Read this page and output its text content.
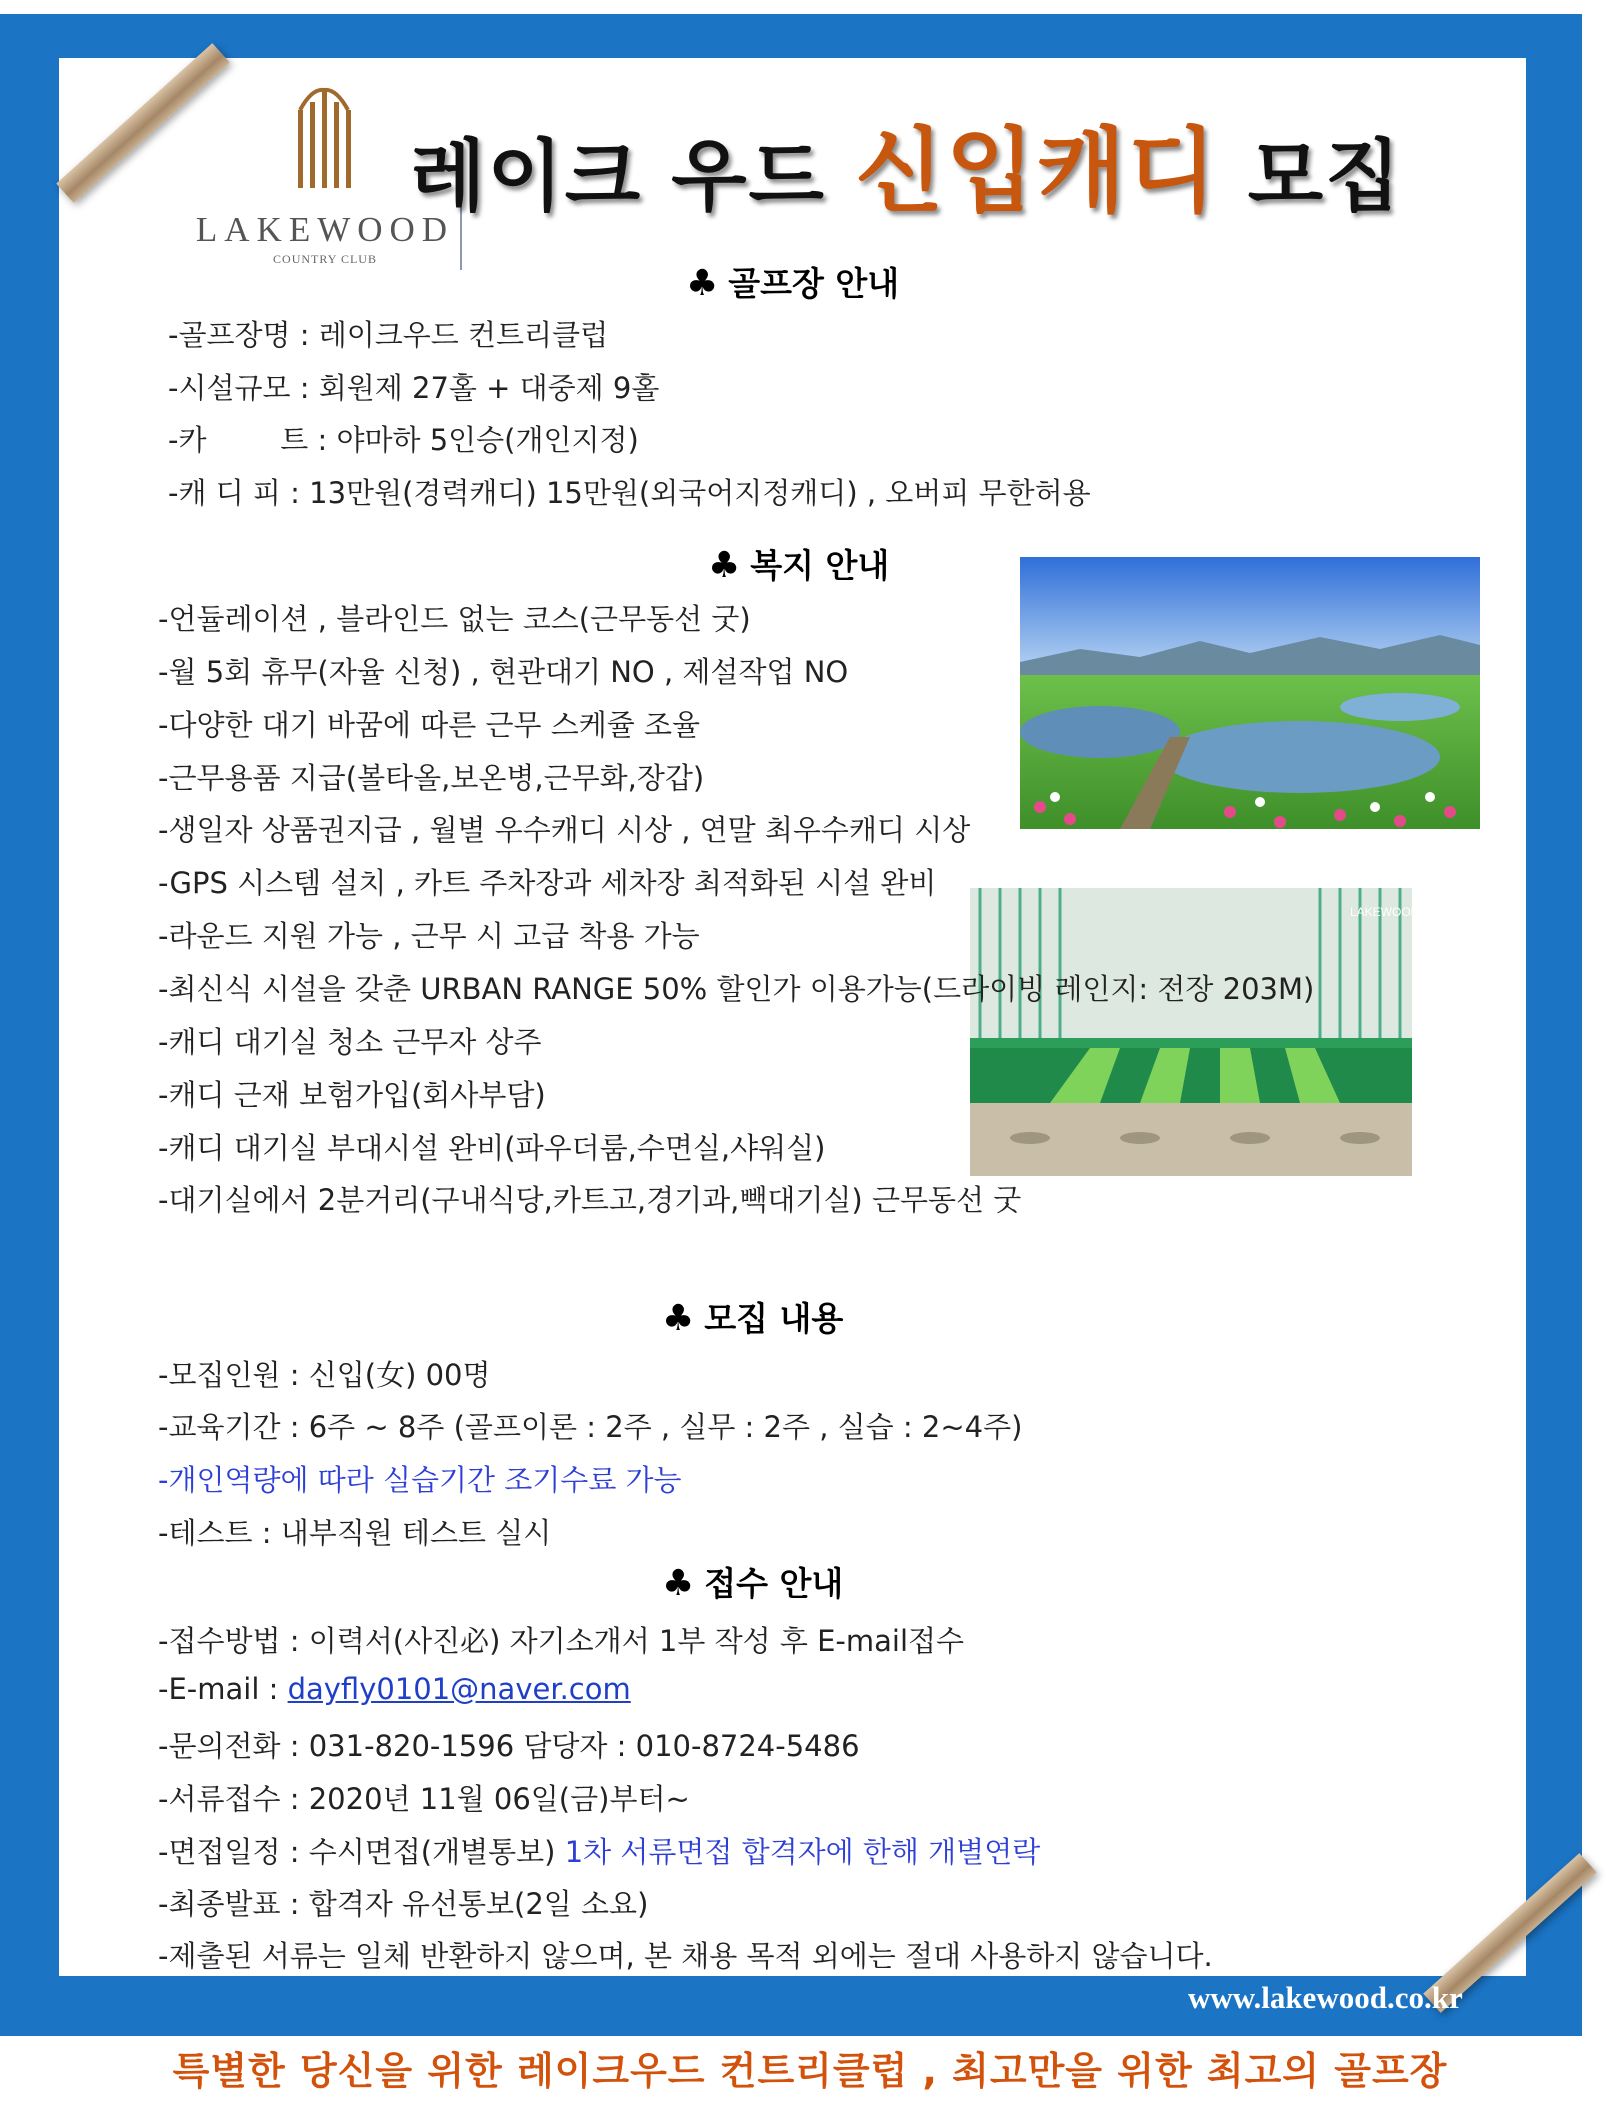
LAKEWOOD
COUNTRY CLUB
레이크 우드 신입캐디 모집
♣ 골프장 안내
-골프장명 : 레이크우드 컨트리클럽
-시설규모 : 회원제 27홀 + 대중제 9홀
-카        트 : 야마하 5인승(개인지정)
-캐 디 피 : 13만원(경력캐디) 15만원(외국어지정캐디) , 오버피 무한허용
♣ 복지 안내
-언듈레이션 , 블라인드 없는 코스(근무동선 굿)
-월 5회 휴무(자율 신청) , 현관대기 NO , 제설작업 NO
-다양한 대기 바꿈에 따른 근무 스케쥴 조율
-근무용품 지급(볼타올,보온병,근무화,장갑)
-생일자 상품권지급 , 월별 우수캐디 시상 , 연말 최우수캐디 시상
-GPS 시스템 설치 , 카트 주차장과 세차장 최적화된 시설 완비
LAKEWOOD
-라운드 지원 가능 , 근무 시 고급 착용 가능
-최신식 시설을 갖춘 URBAN RANGE 50% 할인가 이용가능(드라이빙 레인지: 전장 203M)
-캐디 대기실 청소 근무자 상주
-캐디 근재 보험가입(회사부담)
-캐디 대기실 부대시설 완비(파우더룸,수면실,샤워실)
-대기실에서 2분거리(구내식당,카트고,경기과,빽대기실) 근무동선 굿
♣ 모집 내용
-모집인원 : 신입(女) 00명
-교육기간 : 6주 ~ 8주 (골프이론 : 2주 , 실무 : 2주 , 실습 : 2~4주)
-개인역량에 따라 실습기간 조기수료 가능
-테스트 : 내부직원 테스트 실시
♣ 접수 안내
-접수방법 : 이력서(사진必) 자기소개서 1부 작성 후 E-mail접수
-E-mail : dayfly0101@naver.com
-문의전화 : 031-820-1596 담당자 : 010-8724-5486
-서류접수 : 2020년 11월 06일(금)부터~
-면접일정 : 수시면접(개별통보) 1차 서류면접 합격자에 한해 개별연락
-최종발표 : 합격자 유선통보(2일 소요)
-제출된 서류는 일체 반환하지 않으며, 본 채용 목적 외에는 절대 사용하지 않습니다.
www.lakewood.co.kr
특별한 당신을 위한 레이크우드 컨트리클럽 , 최고만을 위한 최고의 골프장
